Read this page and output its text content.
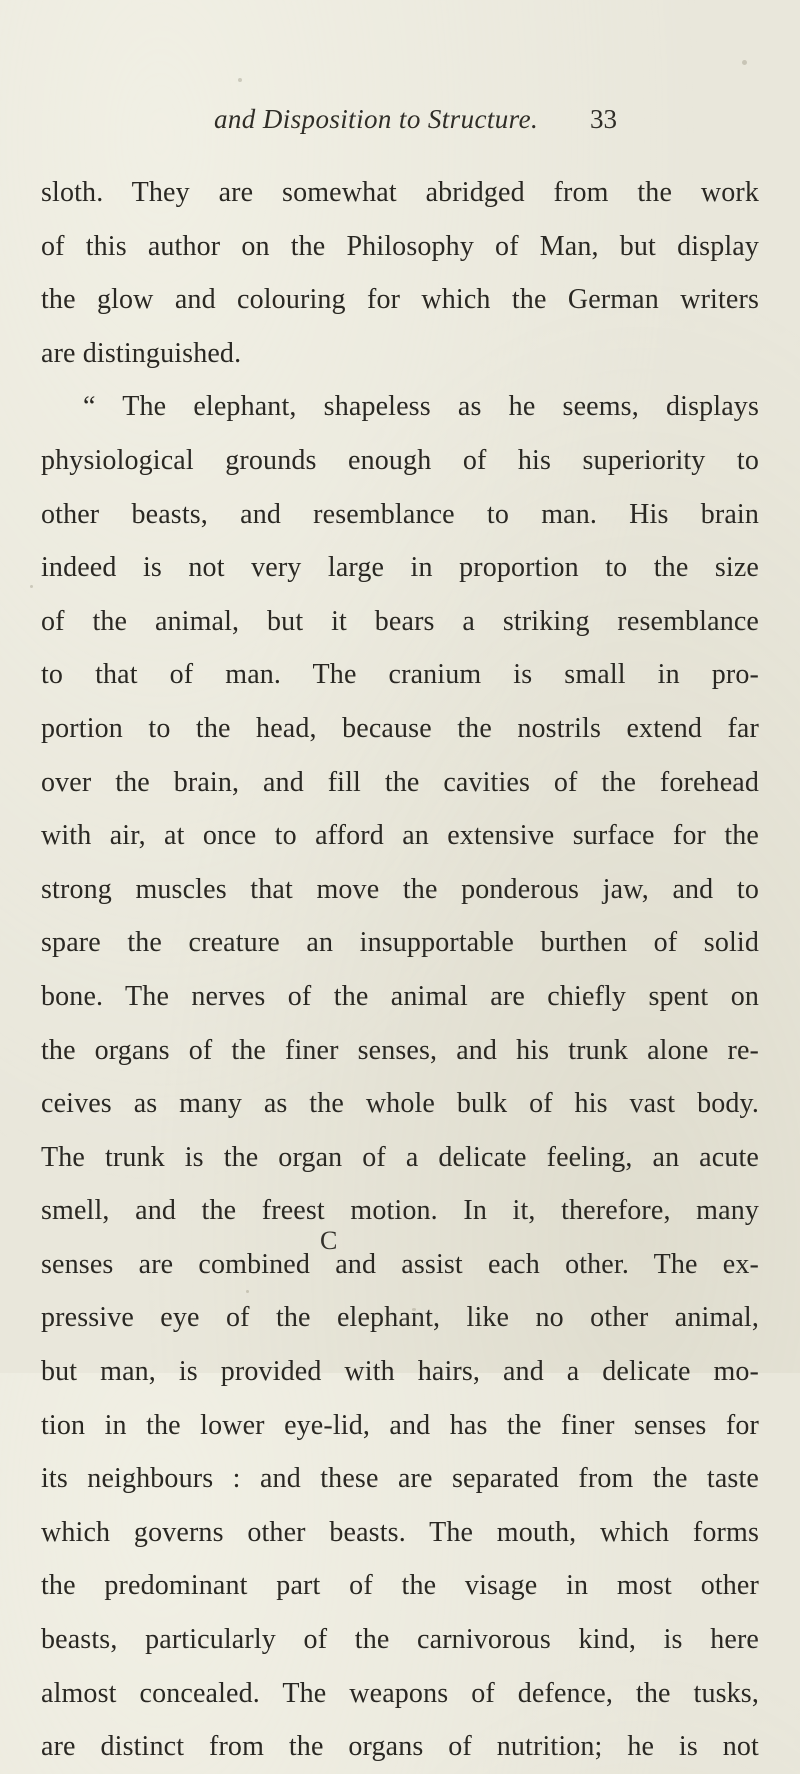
and Disposition to Structure. 33
sloth. They are somewhat abridged from the work
of this author on the Philosophy of Man, but display
the glow and colouring for which the German writers
are distinguished.
“ The elephant, shapeless as he seems, displays
physiological grounds enough of his superiority to
other beasts, and resemblance to man. His brain
indeed is not very large in proportion to the size
of the animal, but it bears a striking resemblance
to that of man. The cranium is small in pro-
portion to the head, because the nostrils extend far
over the brain, and fill the cavities of the forehead
with air, at once to afford an extensive surface for the
strong muscles that move the ponderous jaw, and to
spare the creature an insupportable burthen of solid
bone. The nerves of the animal are chiefly spent on
the organs of the finer senses, and his trunk alone re-
ceives as many as the whole bulk of his vast body.
The trunk is the organ of a delicate feeling, an acute
smell, and the freest motion. In it, therefore, many
senses are combined and assist each other. The ex-
pressive eye of the elephant, like no other animal,
but man, is provided with hairs, and a delicate mo-
tion in the lower eye-lid, and has the finer senses for
its neighbours : and these are separated from the taste
which governs other beasts. The mouth, which forms
the predominant part of the visage in most other
beasts, particularly of the carnivorous kind, is here
almost concealed. The weapons of defence, the tusks,
are distinct from the organs of nutrition; he is not
C
